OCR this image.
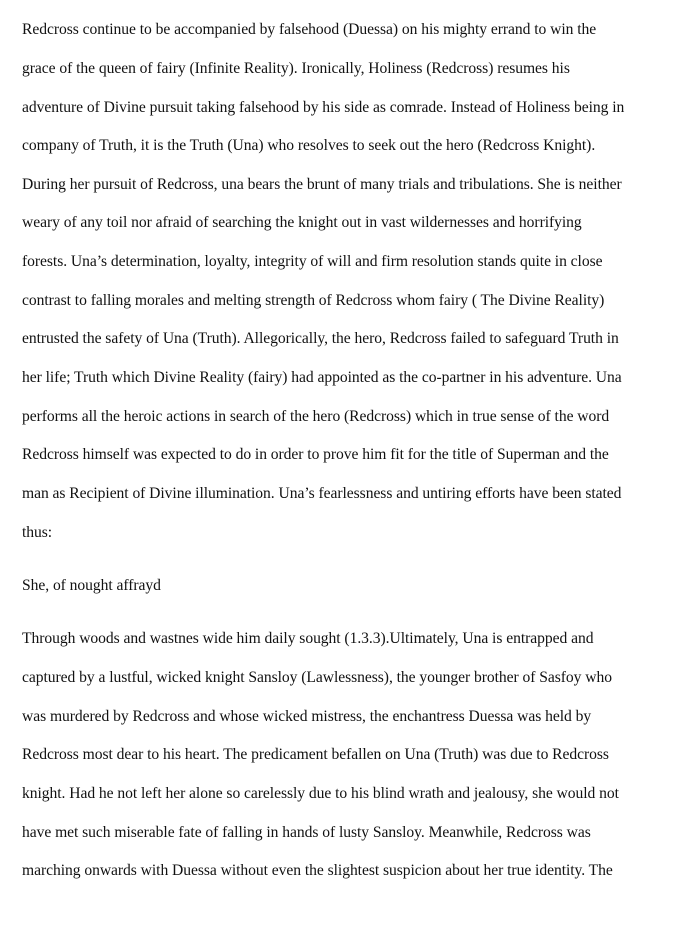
Redcross continue to be accompanied by falsehood (Duessa) on his mighty errand to win the
grace of the queen of fairy (Infinite Reality). Ironically, Holiness (Redcross) resumes his
adventure of Divine pursuit taking falsehood by his side as comrade. Instead of Holiness being in
company of Truth, it is the Truth (Una) who resolves to seek out the hero (Redcross Knight).
During her pursuit of Redcross, una bears the brunt of many trials and tribulations. She is neither
weary of any toil nor afraid of searching the knight out in vast wildernesses and horrifying
forests. Una’s determination, loyalty, integrity of will and firm resolution stands quite in close
contrast to falling morales and melting strength of Redcross whom fairy ( The Divine Reality)
entrusted the safety of Una (Truth). Allegorically, the hero, Redcross failed to safeguard Truth in
her life; Truth which Divine Reality (fairy) had appointed as the co-partner in his adventure. Una
performs all the heroic actions in search of the hero (Redcross) which in true sense of the word
Redcross himself was expected to do in order to prove him fit for the title of Superman and the
man as Recipient of Divine illumination. Una’s fearlessness and untiring efforts have been stated
thus:
She, of nought affrayd
Through woods and wastnes wide him daily sought (1.3.3).Ultimately, Una is entrapped and
captured by a lustful, wicked knight Sansloy (Lawlessness), the younger brother of Sasfoy who
was murdered by Redcross and whose wicked mistress, the enchantress Duessa was held by
Redcross most dear to his heart. The predicament befallen on Una (Truth) was due to Redcross
knight. Had he not left her alone so carelessly due to his blind wrath and jealousy, she would not
have met such miserable fate of falling in hands of lusty Sansloy. Meanwhile, Redcross was
marching onwards with Duessa without even the slightest suspicion about her true identity. The
